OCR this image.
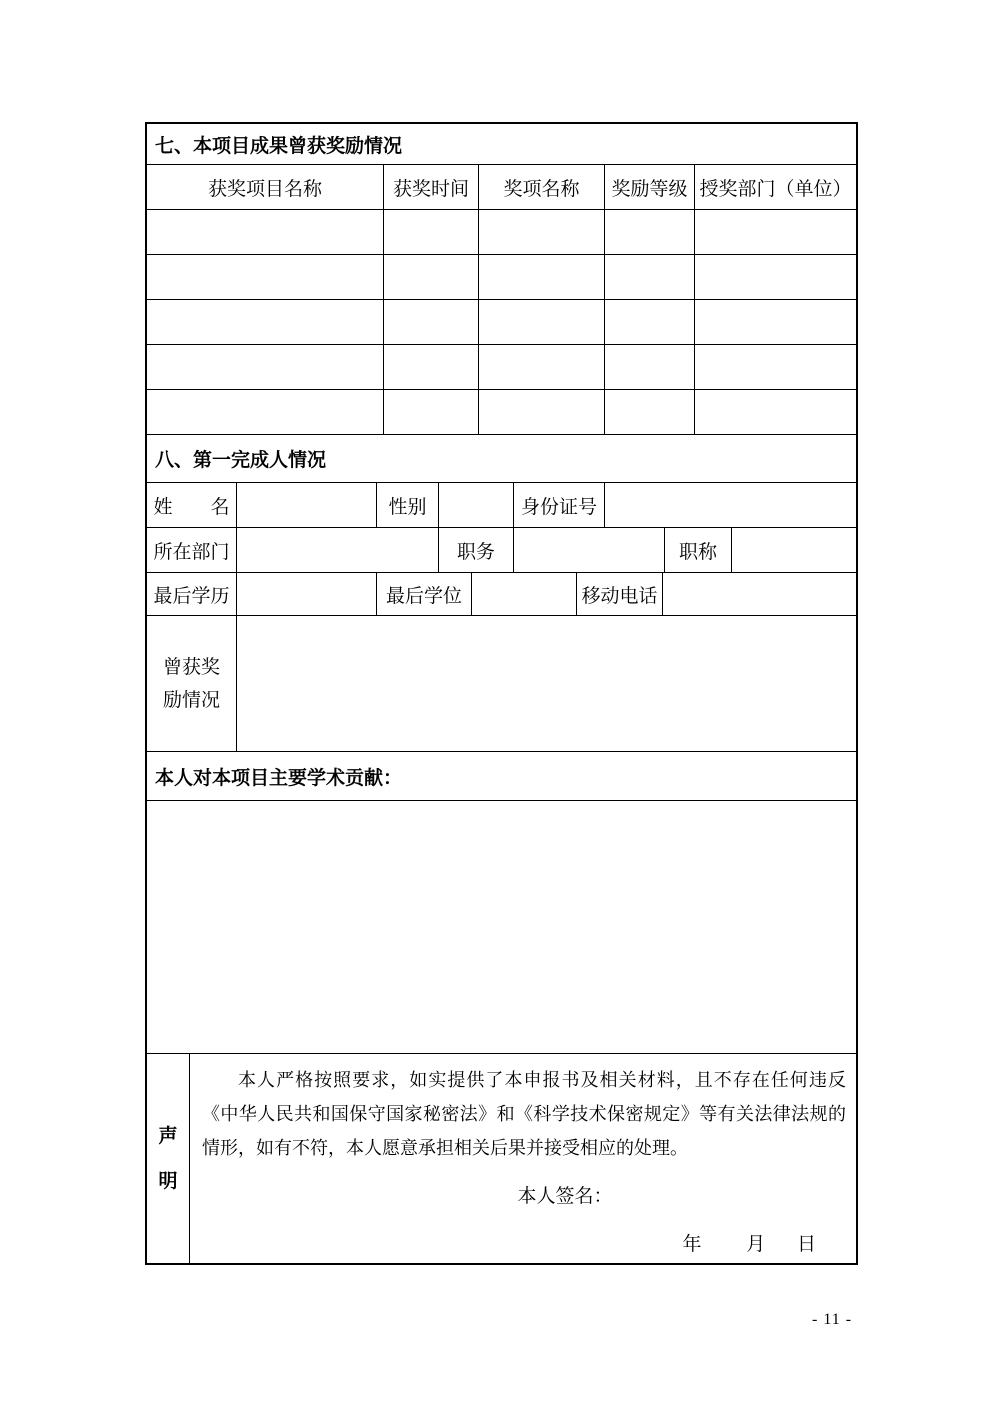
七、本项目成果曾获奖励情况
获奖项目名称	获奖时间	奖项名称	奖励等级 授奖部门（单位）
八、第一完成人情况
姓　　名	性别	身份证号
所在部门	职务	职称
最后学历	最后学位	移动电话
曾获奖励情况
本人对本项目主要学术贡献：
声明

本人严格按照要求，如实提供了本申报书及相关材料，且不存在任何违反《中华人民共和国保守国家秘密法》和《科学技术保密规定》等有关法律法规的情形，如有不符，本人愿意承担相关后果并接受相应的处理。

本人签名：
年 月 日
- 11 -
